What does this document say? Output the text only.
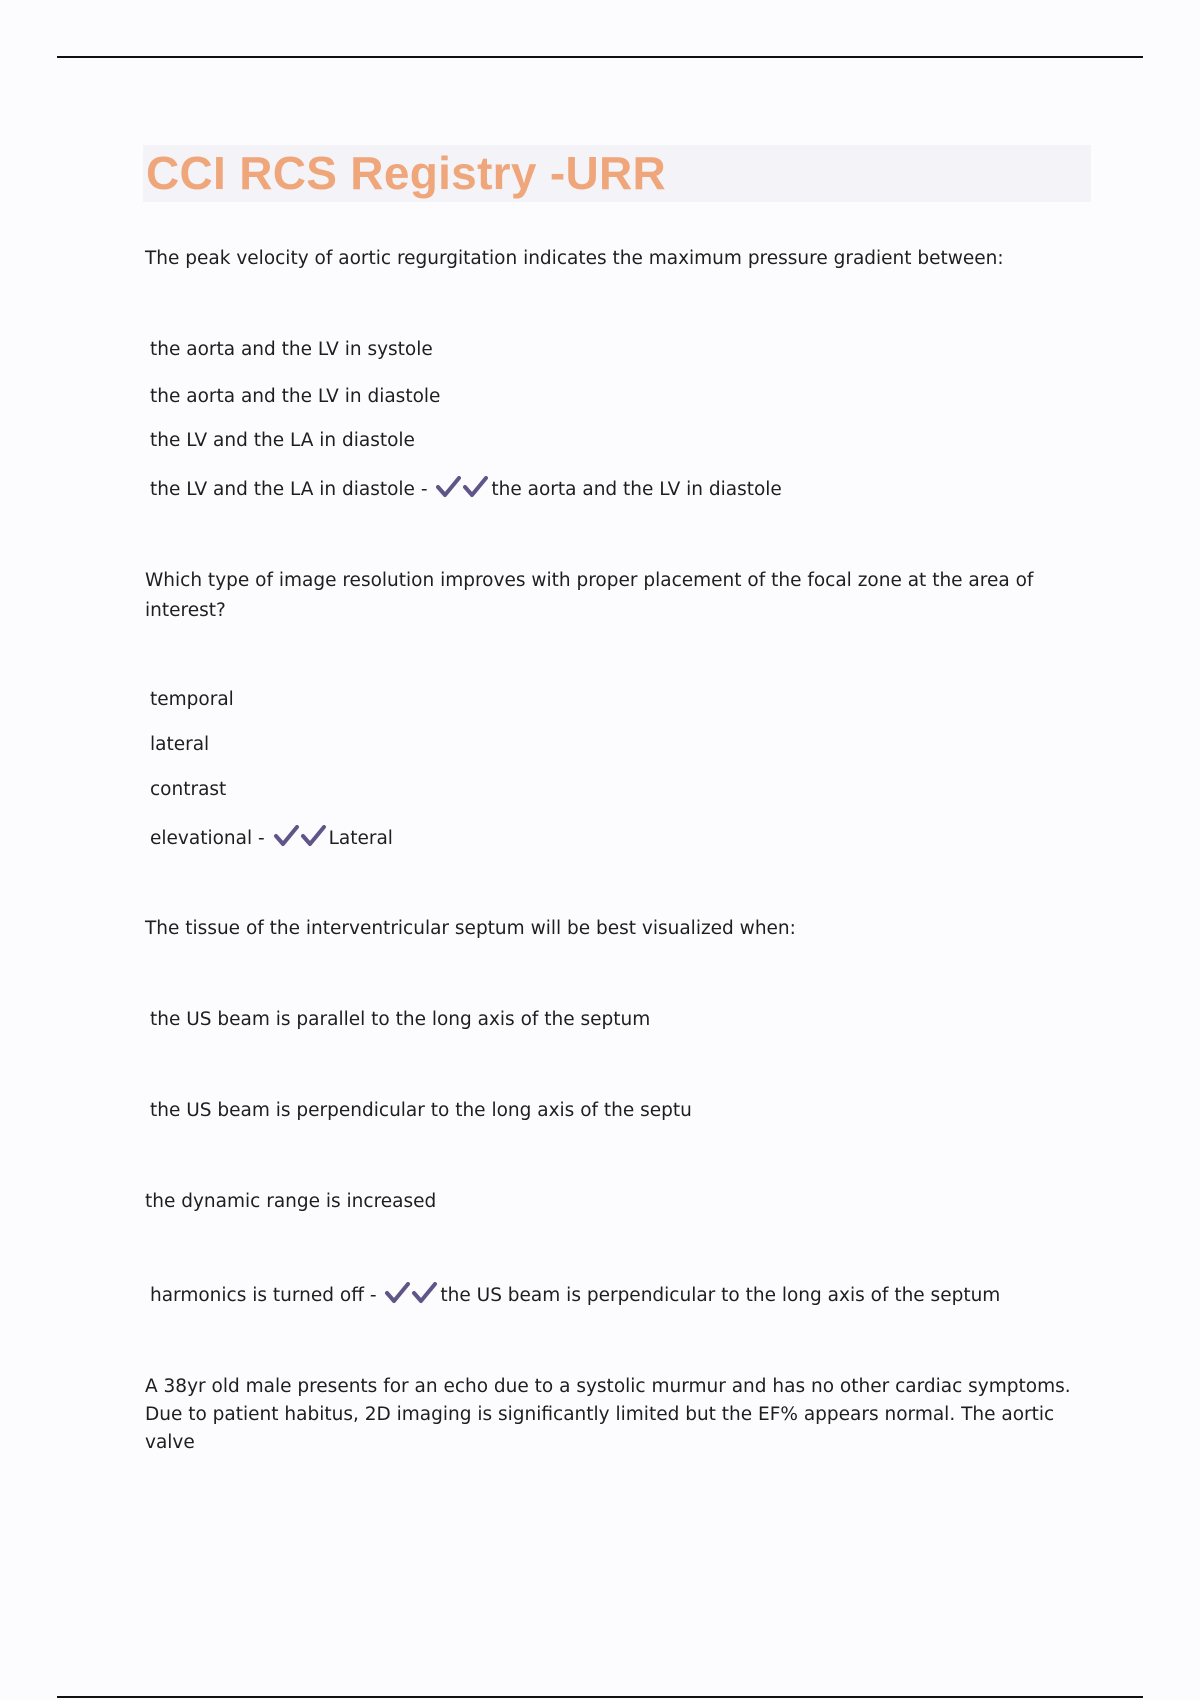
CCI RCS Registry -URR

The peak velocity of aortic regurgitation indicates the maximum pressure gradient between:

the aorta and the LV in systole

the aorta and the LV in diastole

the LV and the LA in diastole

the LV and the LA in diastole -	the aorta and the LV in diastole

Which type of image resolution improves with proper placement of the focal zone at the area of interest?

temporal

lateral

contrast

elevational -	Lateral

The tissue of the interventricular septum will be best visualized when:

the US beam is parallel to the long axis of the septum

the US beam is perpendicular to the long axis of the septu

the dynamic range is increased

harmonics is turned off -	the US beam is perpendicular to the long axis of the septum

A 38yr old male presents for an echo due to a systolic murmur and has no other cardiac symptoms. Due to patient habitus, 2D imaging is significantly limited but the EF% appears normal. The aortic valve
